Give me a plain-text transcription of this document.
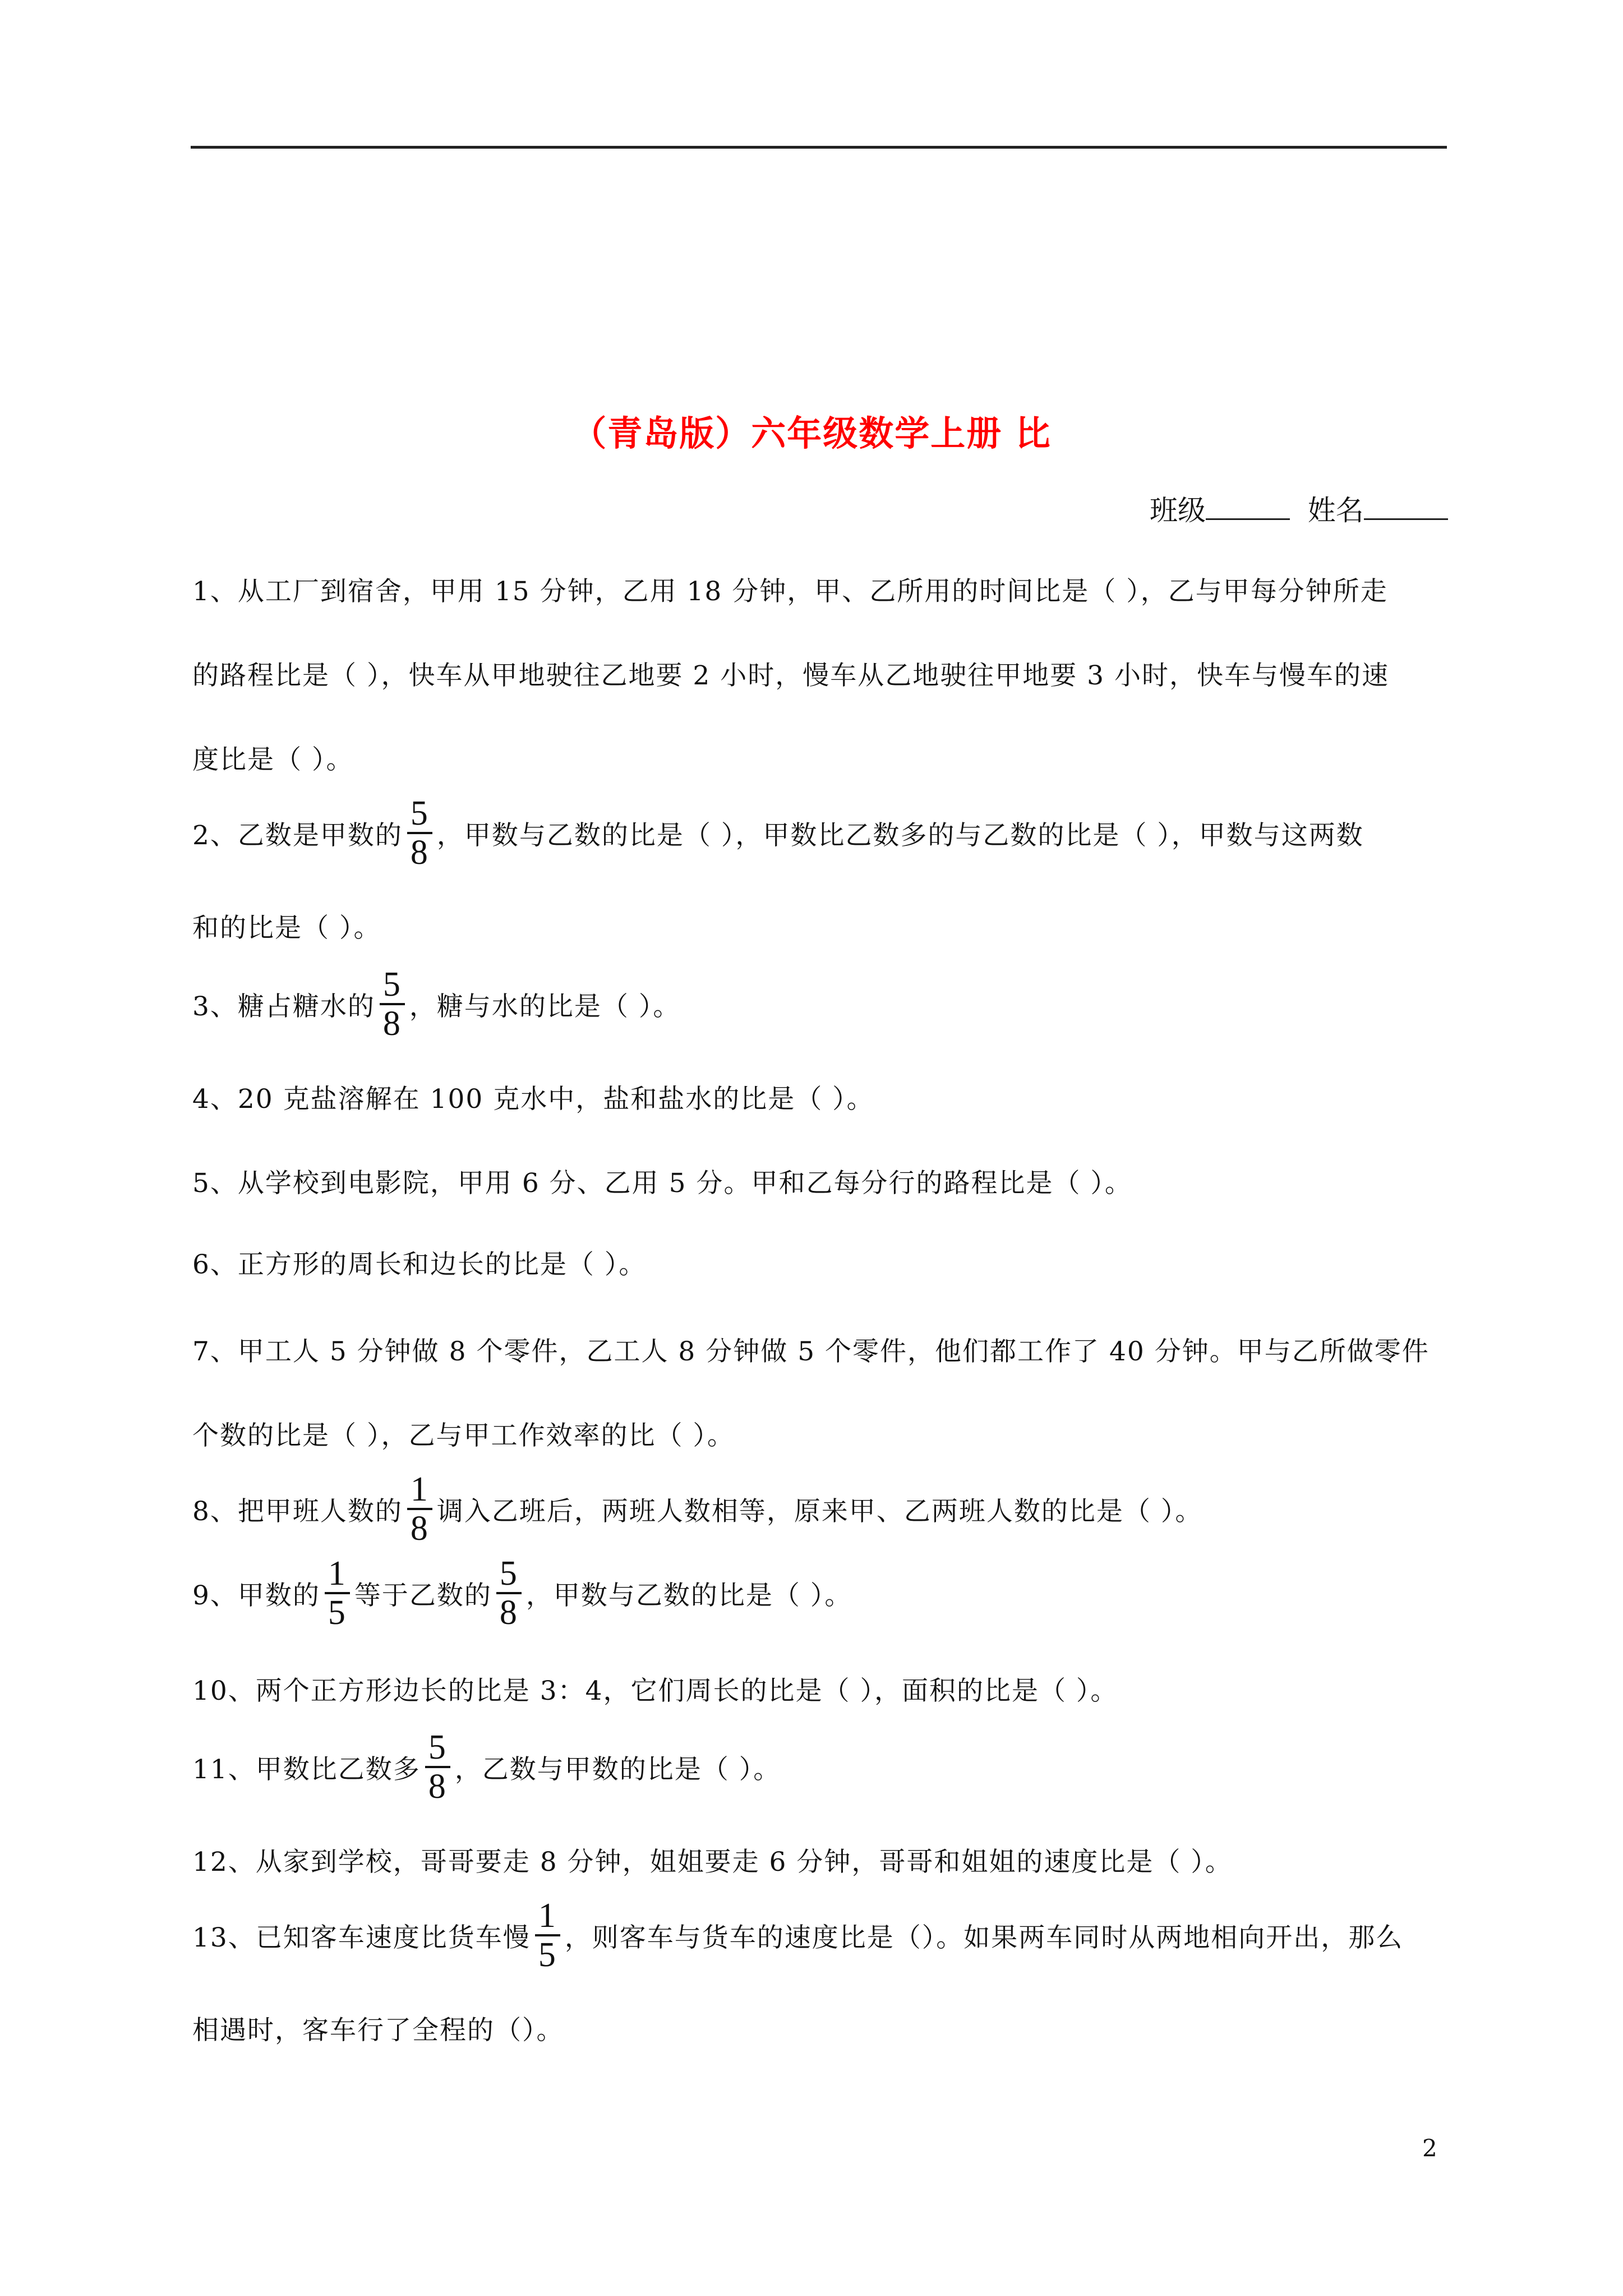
（青岛版）六年级数学上册 比
班级	姓名
1、从工厂到宿舍，甲用 15 分钟，乙用 18 分钟，甲、乙所用的时间比是（ ），乙与甲每分钟所走
的路程比是（ ），快车从甲地驶往乙地要 2 小时，慢车从乙地驶往甲地要 3 小时，快车与慢车的速
度比是（ ）。
2、乙数是甲数的 $\frac{5}{8}$ ，甲数与乙数的比是（ ），甲数比乙数多的与乙数的比是（ ），甲数与这两数
和的比是（ ）。
3、糖占糖水的 $\frac{5}{8}$ ，糖与水的比是（ ）。
4、20 克盐溶解在 100 克水中，盐和盐水的比是（ ）。
5、从学校到电影院，甲用 6 分、乙用 5 分。甲和乙每分行的路程比是（ ）。
6、正方形的周长和边长的比是（ ）。
7、甲工人 5 分钟做 8 个零件，乙工人 8 分钟做 5 个零件，他们都工作了 40 分钟。甲与乙所做零件
个数的比是（ ），乙与甲工作效率的比（ ）。
8、把甲班人数的 $\frac{1}{8}$ 调入乙班后，两班人数相等，原来甲、乙两班人数的比是（ ）。
9、甲数的 $\frac{1}{5}$ 等于乙数的 $\frac{5}{8}$ ，甲数与乙数的比是（ ）。
10、两个正方形边长的比是 3：4，它们周长的比是（ ），面积的比是（ ）。
11、甲数比乙数多 $\frac{5}{8}$ ，乙数与甲数的比是（ ）。
12、从家到学校，哥哥要走 8 分钟，姐姐要走 6 分钟，哥哥和姐姐的速度比是（ ）。
13、已知客车速度比货车慢 $\frac{1}{5}$ ，则客车与货车的速度比是（）。如果两车同时从两地相向开出，那么
相遇时，客车行了全程的（）。
2
